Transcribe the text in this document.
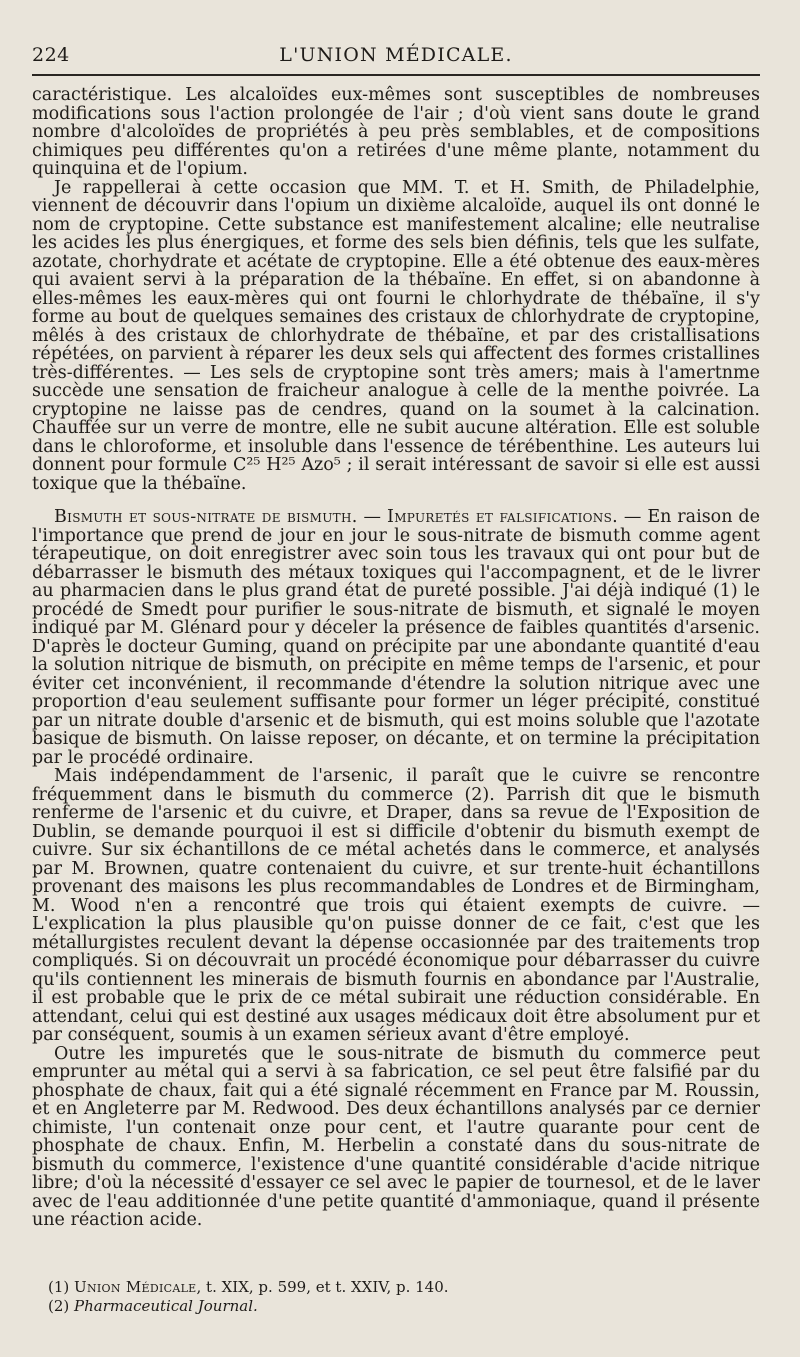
224	L'UNION MÉDICALE.

caractéristique. Les alcaloïdes eux-mêmes sont susceptibles de nombreuses modifications sous l'action prolongée de l'air ; d'où vient sans doute le grand nombre d'alcoloïdes de propriétés à peu près semblables, et de compositions chimiques peu différentes qu'on a retirées d'une même plante, notamment du quinquina et de l'opium.

Je rappellerai à cette occasion que MM. T. et H. Smith, de Philadelphie, viennent de découvrir dans l'opium un dixième alcaloïde, auquel ils ont donné le nom de cryptopine. Cette substance est manifestement alcaline; elle neutralise les acides les plus énergiques, et forme des sels bien définis, tels que les sulfate, azotate, chorhydrate et acétate de cryptopine. Elle a été obtenue des eaux-mères qui avaient servi à la préparation de la thébaïne. En effet, si on abandonne à elles-mêmes les eaux-mères qui ont fourni le chlorhydrate de thébaïne, il s'y forme au bout de quelques semaines des cristaux de chlorhydrate de cryptopine, mêlés à des cristaux de chlorhydrate de thébaïne, et par des cristallisations répétées, on parvient à réparer les deux sels qui affectent des formes cristallines très-différentes. — Les sels de cryptopine sont très amers; mais à l'amertnme succède une sensation de fraicheur analogue à celle de la menthe poivrée. La cryptopine ne laisse pas de cendres, quand on la soumet à la calcination. Chauffée sur un verre de montre, elle ne subit aucune altération. Elle est soluble dans le chloroforme, et insoluble dans l'essence de térébenthine. Les auteurs lui donnent pour formule C²⁵ H²⁵ Azo⁵ ; il serait intéressant de savoir si elle est aussi toxique que la thébaïne.

Bismuth et sous-nitrate de bismuth. — Impuretés et falsifications. — En raison de l'importance que prend de jour en jour le sous-nitrate de bismuth comme agent térapeutique, on doit enregistrer avec soin tous les travaux qui ont pour but de débarrasser le bismuth des métaux toxiques qui l'accompagnent, et de le livrer au pharmacien dans le plus grand état de pureté possible. J'ai déjà indiqué (1) le procédé de Smedt pour purifier le sous-nitrate de bismuth, et signalé le moyen indiqué par M. Glénard pour y déceler la présence de faibles quantités d'arsenic. D'après le docteur Guming, quand on précipite par une abondante quantité d'eau la solution nitrique de bismuth, on précipite en même temps de l'arsenic, et pour éviter cet inconvénient, il recommande d'étendre la solution nitrique avec une proportion d'eau seulement suffisante pour former un léger précipité, constitué par un nitrate double d'arsenic et de bismuth, qui est moins soluble que l'azotate basique de bismuth. On laisse reposer, on décante, et on termine la précipitation par le procédé ordinaire.

Mais indépendamment de l'arsenic, il paraît que le cuivre se rencontre fréquemment dans le bismuth du commerce (2). Parrish dit que le bismuth renferme de l'arsenic et du cuivre, et Draper, dans sa revue de l'Exposition de Dublin, se demande pourquoi il est si difficile d'obtenir du bismuth exempt de cuivre. Sur six échantillons de ce métal achetés dans le commerce, et analysés par M. Brownen, quatre contenaient du cuivre, et sur trente-huit échantillons provenant des maisons les plus recommandables de Londres et de Birmingham, M. Wood n'en a rencontré que trois qui étaient exempts de cuivre. — L'explication la plus plausible qu'on puisse donner de ce fait, c'est que les métallurgistes reculent devant la dépense occasionnée par des traitements trop compliqués. Si on découvrait un procédé économique pour débarrasser du cuivre qu'ils contiennent les minerais de bismuth fournis en abondance par l'Australie, il est probable que le prix de ce métal subirait une réduction considérable. En attendant, celui qui est destiné aux usages médicaux doit être absolument pur et par conséquent, soumis à un examen sérieux avant d'être employé.

Outre les impuretés que le sous-nitrate de bismuth du commerce peut emprunter au métal qui a servi à sa fabrication, ce sel peut être falsifié par du phosphate de chaux, fait qui a été signalé récemment en France par M. Roussin, et en Angleterre par M. Redwood. Des deux échantillons analysés par ce dernier chimiste, l'un contenait onze pour cent, et l'autre quarante pour cent de phosphate de chaux. Enfin, M. Herbelin a constaté dans du sous-nitrate de bismuth du commerce, l'existence d'une quantité considérable d'acide nitrique libre; d'où la nécessité d'essayer ce sel avec le papier de tournesol, et de le laver avec de l'eau additionnée d'une petite quantité d'ammoniaque, quand il présente une réaction acide.

(1) Union Médicale, t. XIX, p. 599, et t. XXIV, p. 140.

(2) Pharmaceutical Journal.
